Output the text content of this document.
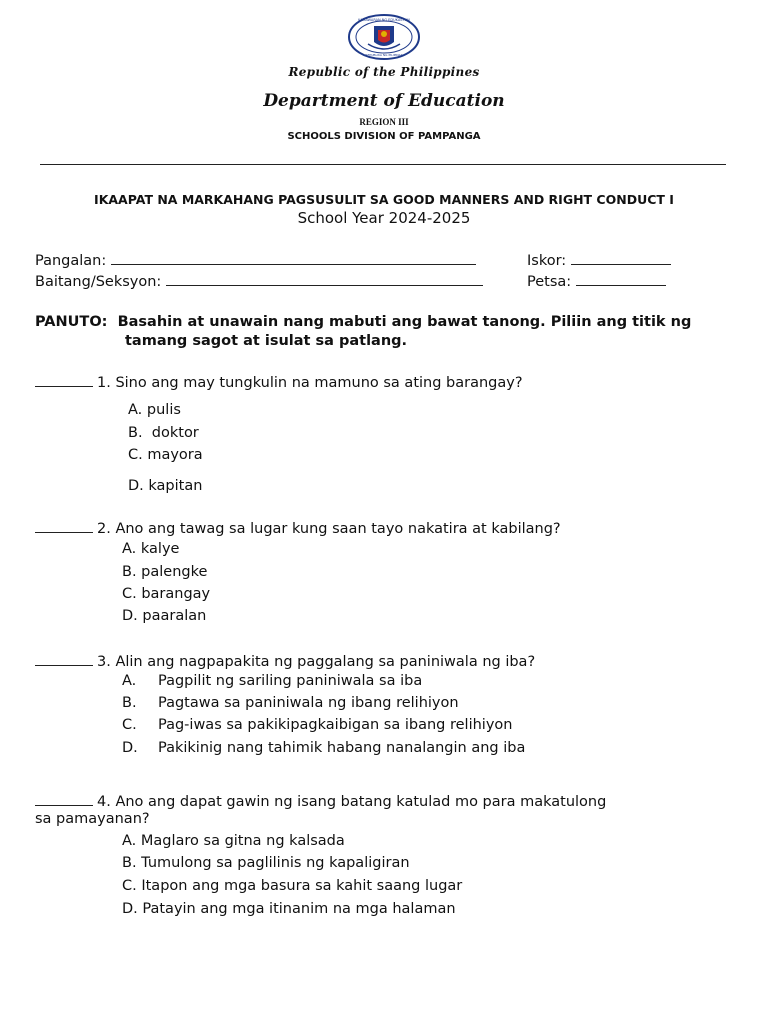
KAGAWARAN NG EDUKASYON
REPUBLIKA NG PILIPINAS
Republic of the Philippines
Department of Education
REGION III
SCHOOLS DIVISION OF PAMPANGA
IKAAPAT NA MARKAHANG PAGSUSULIT SA GOOD MANNERS AND RIGHT CONDUCT I
School Year 2024-2025
Pangalan:	Iskor:
Baitang/Seksyon:	Petsa:
PANUTO: Basahin at unawain nang mabuti ang bawat tanong. Piliin ang titik ng
tamang sagot at isulat sa patlang.
1. Sino ang may tungkulin na mamuno sa ating barangay?
A. pulis
B. doktor
C. mayora
D. kapitan
2. Ano ang tawag sa lugar kung saan tayo nakatira at kabilang?
A. kalye
B. palengke
C. barangay
D. paaralan
3. Alin ang nagpapakita ng paggalang sa paniniwala ng iba?
A. Pagpilit ng sariling paniniwala sa iba
B. Pagtawa sa paniniwala ng ibang relihiyon
C. Pag-iwas sa pakikipagkaibigan sa ibang relihiyon
D. Pakikinig nang tahimik habang nanalangin ang iba
4. Ano ang dapat gawin ng isang batang katulad mo para makatulong
sa pamayanan?
A. Maglaro sa gitna ng kalsada
B. Tumulong sa paglilinis ng kapaligiran
C. Itapon ang mga basura sa kahit saang lugar
D. Patayin ang mga itinanim na mga halaman
